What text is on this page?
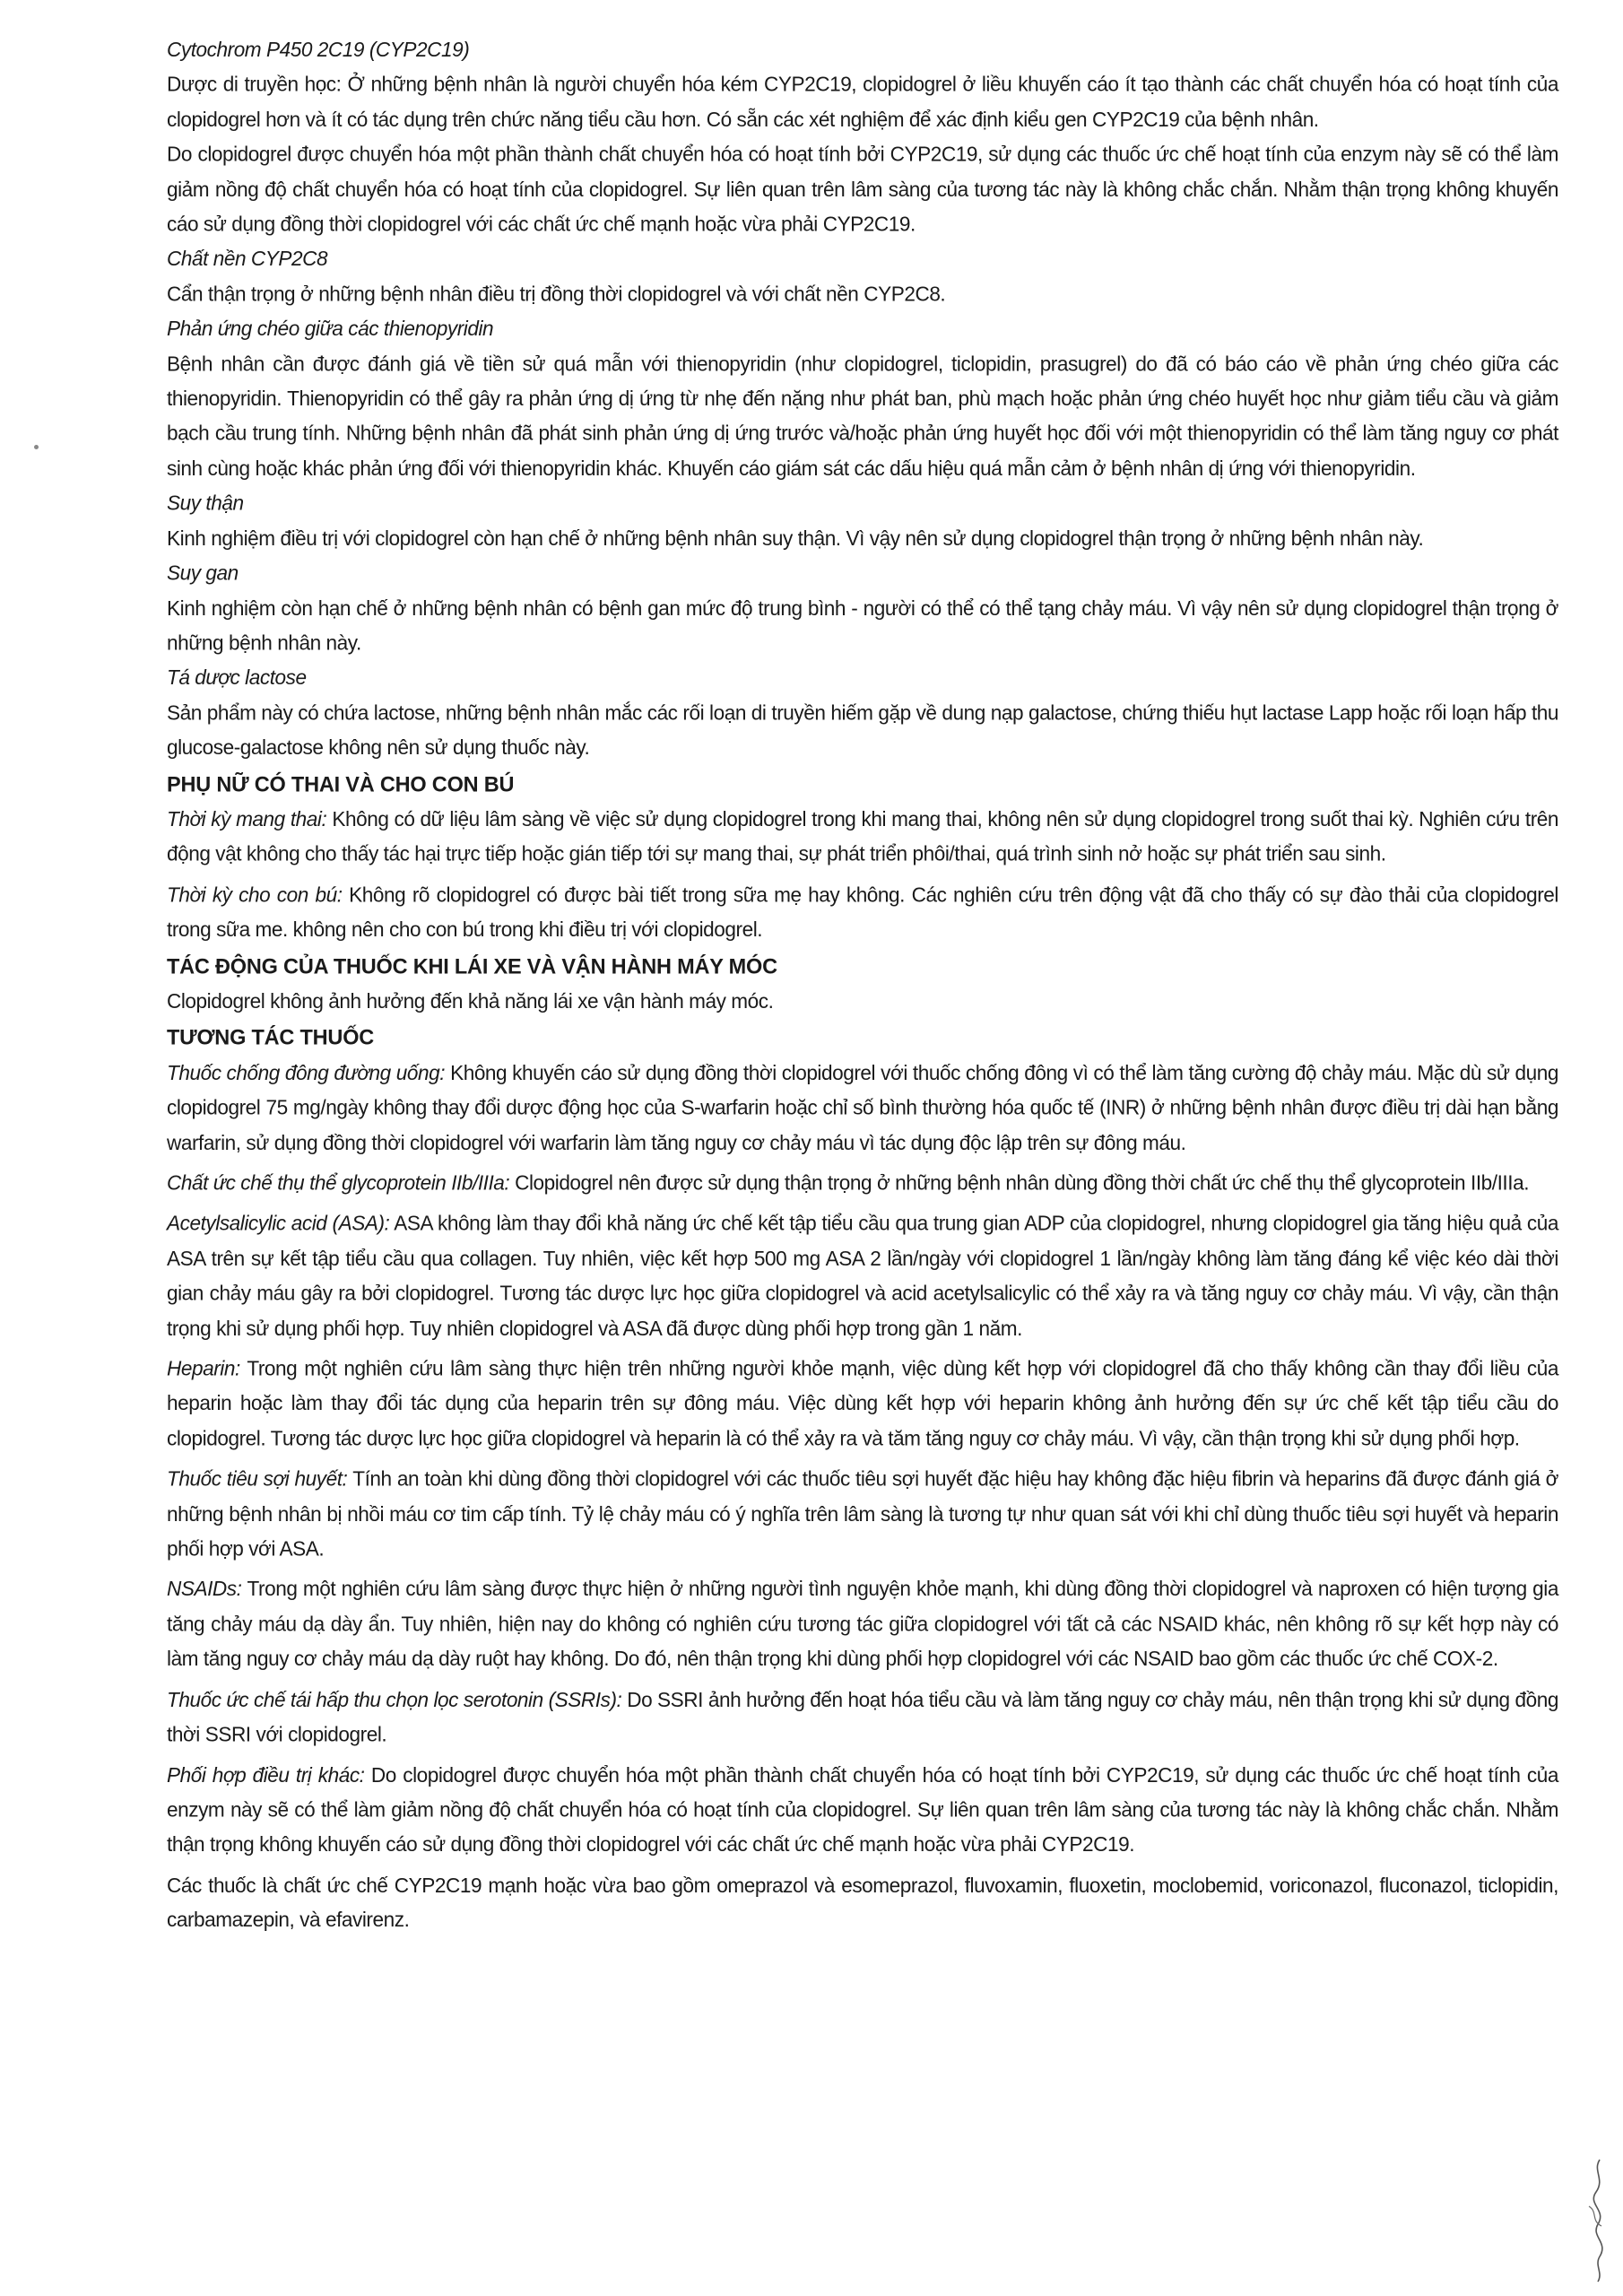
Cytochrom P450 2C19 (CYP2C19)

Dược di truyền học: Ở những bệnh nhân là người chuyển hóa kém CYP2C19, clopidogrel ở liều khuyến cáo ít tạo thành các chất chuyển hóa có hoạt tính của clopidogrel hơn và ít có tác dụng trên chức năng tiểu cầu hơn. Có sẵn các xét nghiệm để xác định kiểu gen CYP2C19 của bệnh nhân.

Do clopidogrel được chuyển hóa một phần thành chất chuyển hóa có hoạt tính bởi CYP2C19, sử dụng các thuốc ức chế hoạt tính của enzym này sẽ có thể làm giảm nồng độ chất chuyển hóa có hoạt tính của clopidogrel. Sự liên quan trên lâm sàng của tương tác này là không chắc chắn. Nhằm thận trọng không khuyến cáo sử dụng đồng thời clopidogrel với các chất ức chế mạnh hoặc vừa phải CYP2C19.

Chất nền CYP2C8

Cẩn thận trọng ở những bệnh nhân điều trị đồng thời clopidogrel và với chất nền CYP2C8.

Phản ứng chéo giữa các thienopyridin

Bệnh nhân cần được đánh giá về tiền sử quá mẫn với thienopyridin (như clopidogrel, ticlopidin, prasugrel) do đã có báo cáo về phản ứng chéo giữa các thienopyridin. Thienopyridin có thể gây ra phản ứng dị ứng từ nhẹ đến nặng như phát ban, phù mạch hoặc phản ứng chéo huyết học như giảm tiểu cầu và giảm bạch cầu trung tính. Những bệnh nhân đã phát sinh phản ứng dị ứng trước và/hoặc phản ứng huyết học đối với một thienopyridin có thể làm tăng nguy cơ phát sinh cùng hoặc khác phản ứng đối với thienopyridin khác. Khuyến cáo giám sát các dấu hiệu quá mẫn cảm ở bệnh nhân dị ứng với thienopyridin.

Suy thận

Kinh nghiệm điều trị với clopidogrel còn hạn chế ở những bệnh nhân suy thận. Vì vậy nên sử dụng clopidogrel thận trọng ở những bệnh nhân này.

Suy gan

Kinh nghiệm còn hạn chế ở những bệnh nhân có bệnh gan mức độ trung bình - người có thể có thể tạng chảy máu. Vì vậy nên sử dụng clopidogrel thận trọng ở những bệnh nhân này.

Tá dược lactose

Sản phẩm này có chứa lactose, những bệnh nhân mắc các rối loạn di truyền hiếm gặp về dung nạp galactose, chứng thiếu hụt lactase Lapp hoặc rối loạn hấp thu glucose-galactose không nên sử dụng thuốc này.

PHỤ NỮ CÓ THAI VÀ CHO CON BÚ

Thời kỳ mang thai: Không có dữ liệu lâm sàng về việc sử dụng clopidogrel trong khi mang thai, không nên sử dụng clopidogrel trong suốt thai kỳ. Nghiên cứu trên động vật không cho thấy tác hại trực tiếp hoặc gián tiếp tới sự mang thai, sự phát triển phôi/thai, quá trình sinh nở hoặc sự phát triển sau sinh.

Thời kỳ cho con bú: Không rõ clopidogrel có được bài tiết trong sữa mẹ hay không. Các nghiên cứu trên động vật đã cho thấy có sự đào thải của clopidogrel trong sữa me. không nên cho con bú trong khi điều trị với clopidogrel.

TÁC ĐỘNG CỦA THUỐC KHI LÁI XE VÀ VẬN HÀNH MÁY MÓC

Clopidogrel không ảnh hưởng đến khả năng lái xe vận hành máy móc.

TƯƠNG TÁC THUỐC

Thuốc chống đông đường uống: Không khuyến cáo sử dụng đồng thời clopidogrel với thuốc chống đông vì có thể làm tăng cường độ chảy máu. Mặc dù sử dụng clopidogrel 75 mg/ngày không thay đổi dược động học của S-warfarin hoặc chỉ số bình thường hóa quốc tế (INR) ở những bệnh nhân được điều trị dài hạn bằng warfarin, sử dụng đồng thời clopidogrel với warfarin làm tăng nguy cơ chảy máu vì tác dụng độc lập trên sự đông máu.

Chất ức chế thụ thể glycoprotein IIb/IIIa: Clopidogrel nên được sử dụng thận trọng ở những bệnh nhân dùng đồng thời chất ức chế thụ thể glycoprotein IIb/IIIa.

Acetylsalicylic acid (ASA): ASA không làm thay đổi khả năng ức chế kết tập tiểu cầu qua trung gian ADP của clopidogrel, nhưng clopidogrel gia tăng hiệu quả của ASA trên sự kết tập tiểu cầu qua collagen. Tuy nhiên, việc kết hợp 500 mg ASA 2 lần/ngày với clopidogrel 1 lần/ngày không làm tăng đáng kể việc kéo dài thời gian chảy máu gây ra bởi clopidogrel. Tương tác dược lực học giữa clopidogrel và acid acetylsalicylic có thể xảy ra và tăng nguy cơ chảy máu. Vì vậy, cần thận trọng khi sử dụng phối hợp. Tuy nhiên clopidogrel và ASA đã được dùng phối hợp trong gần 1 năm.

Heparin: Trong một nghiên cứu lâm sàng thực hiện trên những người khỏe mạnh, việc dùng kết hợp với clopidogrel đã cho thấy không cần thay đổi liều của heparin hoặc làm thay đổi tác dụng của heparin trên sự đông máu. Việc dùng kết hợp với heparin không ảnh hưởng đến sự ức chế kết tập tiểu cầu do clopidogrel. Tương tác dược lực học giữa clopidogrel và heparin là có thể xảy ra và tăm tăng nguy cơ chảy máu. Vì vậy, cần thận trọng khi sử dụng phối hợp.

Thuốc tiêu sợi huyết: Tính an toàn khi dùng đồng thời clopidogrel với các thuốc tiêu sợi huyết đặc hiệu hay không đặc hiệu fibrin và heparins đã được đánh giá ở những bệnh nhân bị nhồi máu cơ tim cấp tính. Tỷ lệ chảy máu có ý nghĩa trên lâm sàng là tương tự như quan sát với khi chỉ dùng thuốc tiêu sợi huyết và heparin phối hợp với ASA.

NSAIDs: Trong một nghiên cứu lâm sàng được thực hiện ở những người tình nguyện khỏe mạnh, khi dùng đồng thời clopidogrel và naproxen có hiện tượng gia tăng chảy máu dạ dày ẩn. Tuy nhiên, hiện nay do không có nghiên cứu tương tác giữa clopidogrel với tất cả các NSAID khác, nên không rõ sự kết hợp này có làm tăng nguy cơ chảy máu dạ dày ruột hay không. Do đó, nên thận trọng khi dùng phối hợp clopidogrel với các NSAID bao gồm các thuốc ức chế COX-2.

Thuốc ức chế tái hấp thu chọn lọc serotonin (SSRIs): Do SSRI ảnh hưởng đến hoạt hóa tiểu cầu và làm tăng nguy cơ chảy máu, nên thận trọng khi sử dụng đồng thời SSRI với clopidogrel.

Phối hợp điều trị khác: Do clopidogrel được chuyển hóa một phần thành chất chuyển hóa có hoạt tính bởi CYP2C19, sử dụng các thuốc ức chế hoạt tính của enzym này sẽ có thể làm giảm nồng độ chất chuyển hóa có hoạt tính của clopidogrel. Sự liên quan trên lâm sàng của tương tác này là không chắc chắn. Nhằm thận trọng không khuyến cáo sử dụng đồng thời clopidogrel với các chất ức chế mạnh hoặc vừa phải CYP2C19.

Các thuốc là chất ức chế CYP2C19 mạnh hoặc vừa bao gồm omeprazol và esomeprazol, fluvoxamin, fluoxetin, moclobemid, voriconazol, fluconazol, ticlopidin, carbamazepin, và efavirenz.
